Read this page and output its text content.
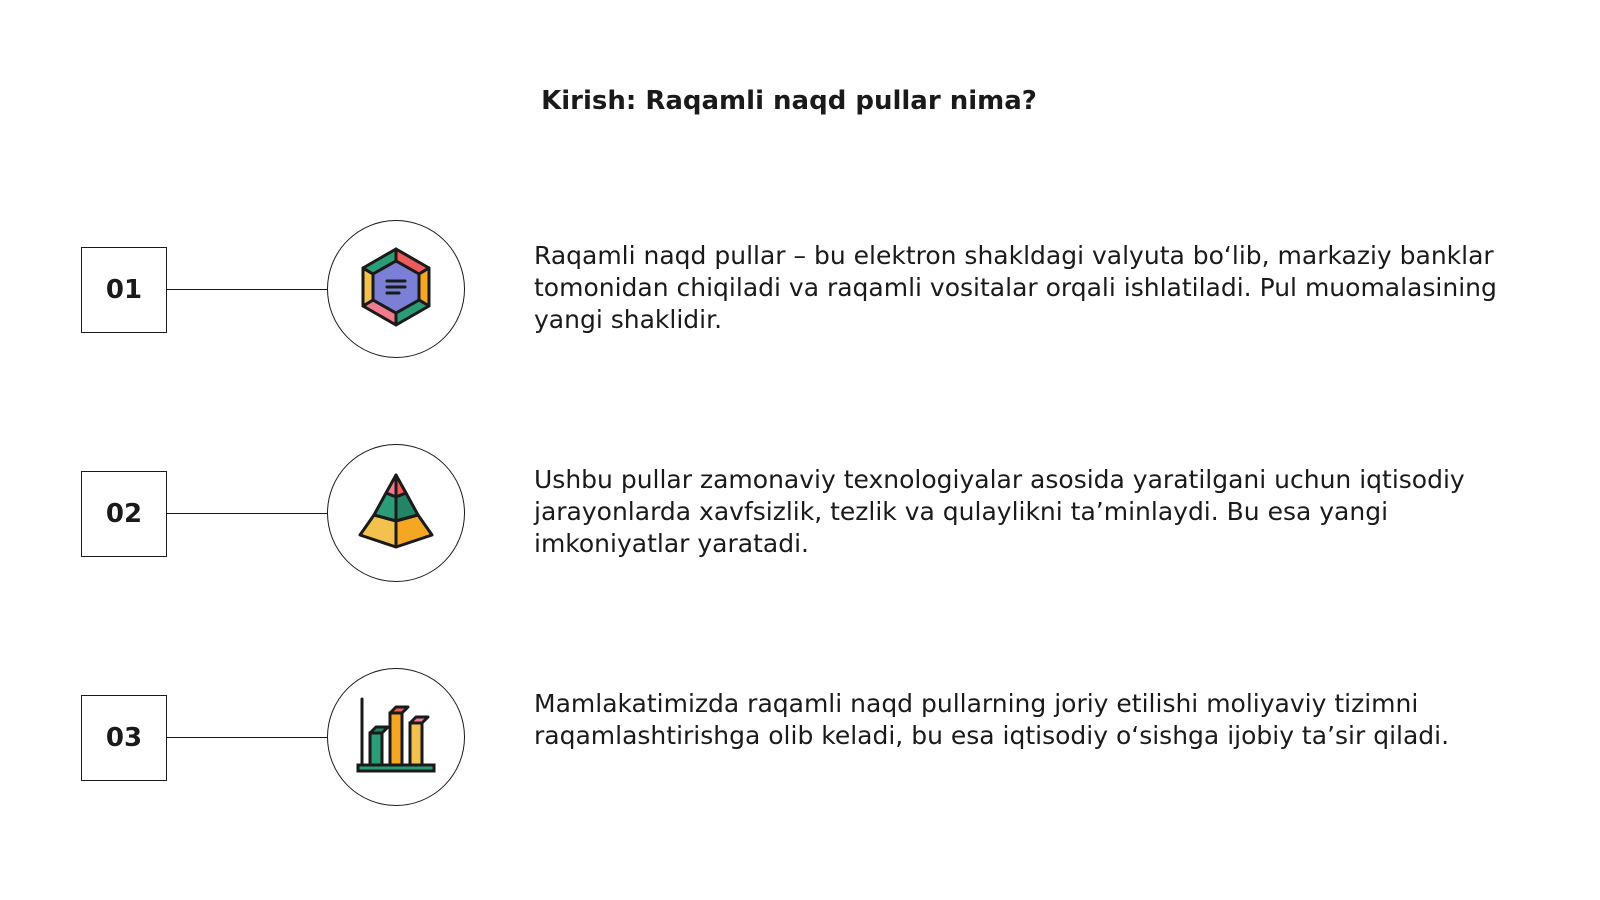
Kirish: Raqamli naqd pullar nima?
01

Raqamli naqd pullar – bu elektron shakldagi valyuta bo‘lib, markaziy banklar tomonidan chiqiladi va raqamli vositalar orqali ishlatiladi. Pul muomalasining yangi shaklidir.

02

Ushbu pullar zamonaviy texnologiyalar asosida yaratilgani uchun iqtisodiy jarayonlarda xavfsizlik, tezlik va qulaylikni ta’minlaydi. Bu esa yangi imkoniyatlar yaratadi.

03

Mamlakatimizda raqamli naqd pullarning joriy etilishi moliyaviy tizimni raqamlashtirishga olib keladi, bu esa iqtisodiy o‘sishga ijobiy ta’sir qiladi.
